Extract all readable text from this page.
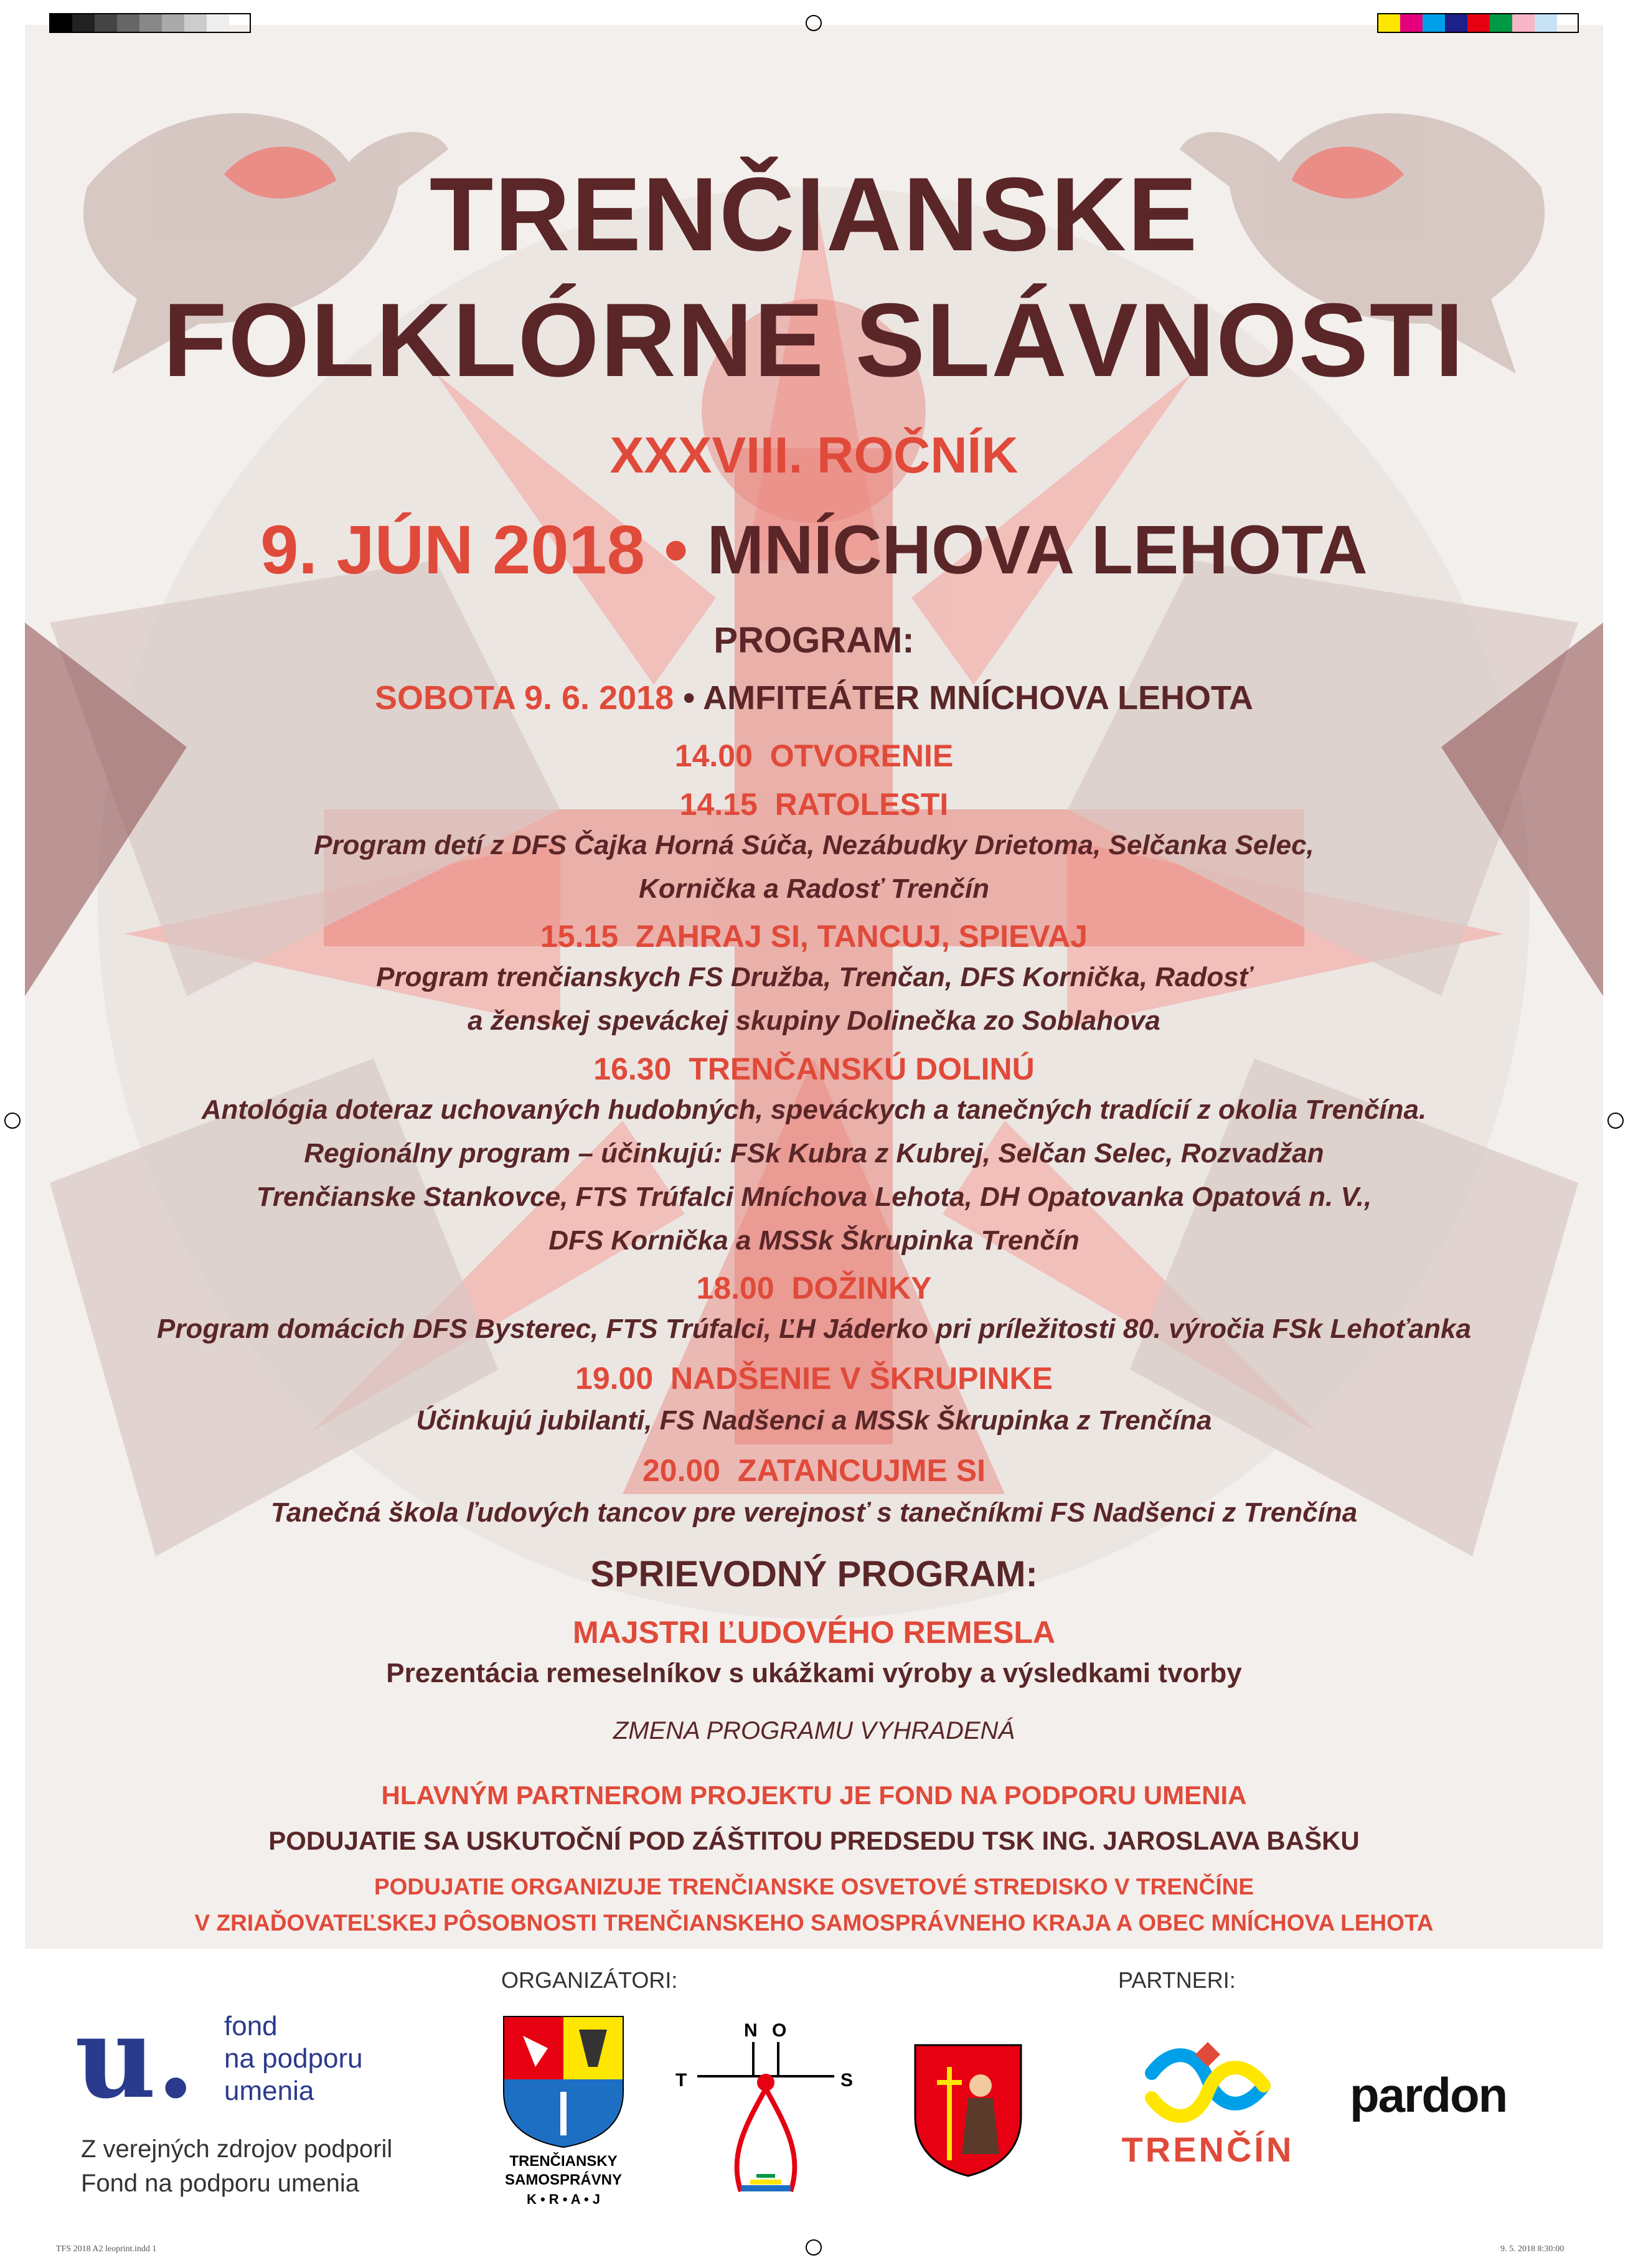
TRENČIANSKE
FOLKLÓRNE SLÁVNOSTI
XXXVIII. ROČNÍK
9. JÚN 2018 • MNÍCHOVA LEHOTA
PROGRAM:
SOBOTA 9. 6. 2018 • AMFITEÁTER MNÍCHOVA LEHOTA
14.00 OTVORENIE
14.15 RATOLESTI
Program detí z DFS Čajka Horná Súča, Nezábudky Drietoma, Selčanka Selec,
Kornička a Radosť Trenčín
15.15 ZAHRAJ SI, TANCUJ, SPIEVAJ
Program trenčianskych FS Družba, Trenčan, DFS Kornička, Radosť
a ženskej speváckej skupiny Dolinečka zo Soblahova
16.30 TRENČANSKÚ DOLINÚ
Antológia doteraz uchovaných hudobných, speváckych a tanečných tradícií z okolia Trenčína.
Regionálny program – účinkujú: FSk Kubra z Kubrej, Selčan Selec, Rozvadžan
Trenčianske Stankovce, FTS Trúfalci Mníchova Lehota, DH Opatovanka Opatová n. V.,
DFS Kornička a MSSk Škrupinka Trenčín
18.00 DOŽINKY
Program domácich DFS Bysterec, FTS Trúfalci, ĽH Jáderko pri príležitosti 80. výročia FSk Lehoťanka
19.00 NADŠENIE V ŠKRUPINKE
Účinkujú jubilanti, FS Nadšenci a MSSk Škrupinka z Trenčína
20.00 ZATANCUJME SI
Tanečná škola ľudových tancov pre verejnosť s tanečníkmi FS Nadšenci z Trenčína
SPRIEVODNÝ PROGRAM:
MAJSTRI ĽUDOVÉHO REMESLA
Prezentácia remeselníkov s ukážkami výroby a výsledkami tvorby
ZMENA PROGRAMU VYHRADENÁ
HLAVNÝM PARTNEROM PROJEKTU JE FOND NA PODPORU UMENIA
PODUJATIE SA USKUTOČNÍ POD ZÁŠTITOU PREDSEDU TSK ING. JAROSLAVA BAŠKU
PODUJATIE ORGANIZUJE TRENČIANSKE OSVETOVÉ STREDISKO V TRENČÍNE
V ZRIAĎOVATEĽSKEJ PÔSOBNOSTI TRENČIANSKEHO SAMOSPRÁVNEHO KRAJA A OBEC MNÍCHOVA LEHOTA
ORGANIZÁTORI:	PARTNERI:
u. fond
na podporu
umenia
Z verejných zdrojov podporil
Fond na podporu umenia
TRENČIANSKY
SAMOSPRÁVNY
K • R • A • J
T
N O
S
TRENČÍN
pardon
TFS 2018 A2 leoprint.indd 1	9. 5. 2018 8:30:00
